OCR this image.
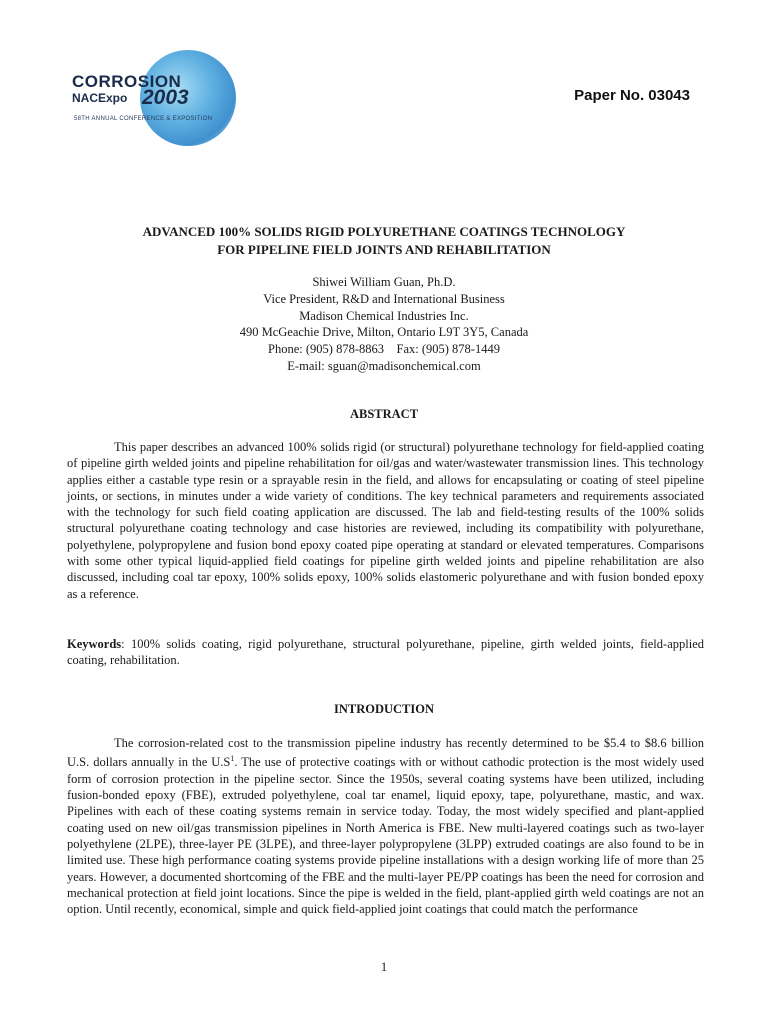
CORROSION
NACExpo 2003
58TH ANNUAL CONFERENCE & EXPOSITION
Paper No. 03043
ADVANCED 100% SOLIDS RIGID POLYURETHANE COATINGS TECHNOLOGY
FOR PIPELINE FIELD JOINTS AND REHABILITATION
Shiwei William Guan, Ph.D.
Vice President, R&D and International Business
Madison Chemical Industries Inc.
490 McGeachie Drive, Milton, Ontario L9T 3Y5, Canada
Phone: (905) 878-8863 Fax: (905) 878-1449
E-mail: sguan@madisonchemical.com
ABSTRACT

This paper describes an advanced 100% solids rigid (or structural) polyurethane technology for field-applied coating of pipeline girth welded joints and pipeline rehabilitation for oil/gas and water/wastewater transmission lines. This technology applies either a castable type resin or a sprayable resin in the field, and allows for encapsulating or coating of steel pipeline joints, or sections, in minutes under a wide variety of conditions. The key technical parameters and requirements associated with the technology for such field coating application are discussed. The lab and field-testing results of the 100% solids structural polyurethane coating technology and case histories are reviewed, including its compatibility with polyurethane, polyethylene, polypropylene and fusion bond epoxy coated pipe operating at standard or elevated temperatures. Comparisons with some other typical liquid-applied field coatings for pipeline girth welded joints and pipeline rehabilitation are also discussed, including coal tar epoxy, 100% solids epoxy, 100% solids elastomeric polyurethane and with fusion bonded epoxy as a reference.

Keywords: 100% solids coating, rigid polyurethane, structural polyurethane, pipeline, girth welded joints, field-applied coating, rehabilitation.

INTRODUCTION

The corrosion-related cost to the transmission pipeline industry has recently determined to be $5.4 to $8.6 billion U.S. dollars annually in the $U.S^1$. The use of protective coatings with or without cathodic protection is the most widely used form of corrosion protection in the pipeline sector. Since the 1950s, several coating systems have been utilized, including fusion-bonded epoxy (FBE), extruded polyethylene, coal tar enamel, liquid epoxy, tape, polyurethane, mastic, and wax. Pipelines with each of these coating systems remain in service today. Today, the most widely specified and plant-applied coating used on new oil/gas transmission pipelines in North America is FBE. New multi-layered coatings such as two-layer polyethylene (2LPE), three-layer PE (3LPE), and three-layer polypropylene (3LPP) extruded coatings are also found to be in limited use. These high performance coating systems provide pipeline installations with a design working life of more than 25 years. However, a documented shortcoming of the FBE and the multi-layer PE/PP coatings has been the need for corrosion and mechanical protection at field joint locations. Since the pipe is welded in the field, plant-applied girth weld coatings are not an option. Until recently, economical, simple and quick field-applied joint coatings that could match the performance

1
